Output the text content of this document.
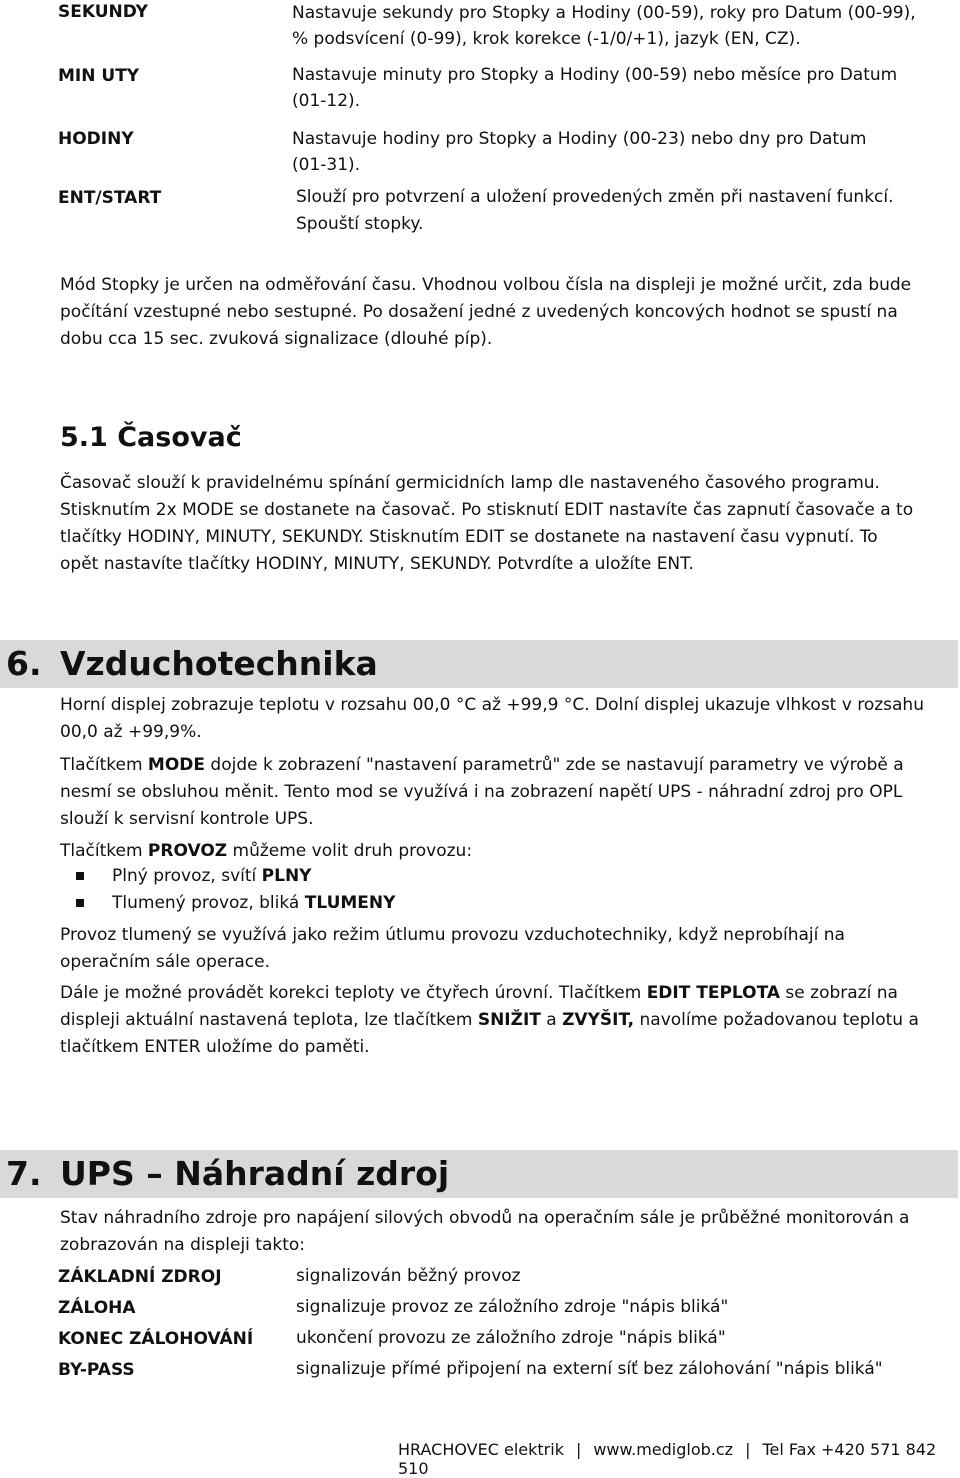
SEKUNDY	Nastavuje sekundy pro Stopky a Hodiny (00-59), roky pro Datum (00-99),
% podsvícení (0-99), krok korekce (-1/0/+1), jazyk (EN, CZ).
MIN UTY	Nastavuje minuty pro Stopky a Hodiny (00-59) nebo měsíce pro Datum
(01-12).
HODINY	Nastavuje hodiny pro Stopky a Hodiny (00-23) nebo dny pro Datum
(01-31).
ENT/START	Slouží pro potvrzení a uložení provedených změn při nastavení funkcí.
Spouští stopky.
Mód Stopky je určen na odměřování času. Vhodnou volbou čísla na displeji je možné určit, zda bude
počítání vzestupné nebo sestupné. Po dosažení jedné z uvedených koncových hodnot se spustí na
dobu cca 15 sec. zvuková signalizace (dlouhé píp).
5.1 Časovač
Časovač slouží k pravidelnému spínání germicidních lamp dle nastaveného časového programu.
Stisknutím 2x MODE se dostanete na časovač. Po stisknutí EDIT nastavíte čas zapnutí časovače a to
tlačítky HODINY, MINUTY, SEKUNDY. Stisknutím EDIT se dostanete na nastavení času vypnutí. To
opět nastavíte tlačítky HODINY, MINUTY, SEKUNDY. Potvrdíte a uložíte ENT.
6. Vzduchotechnika
Horní displej zobrazuje teplotu v rozsahu 00,0 °C až +99,9 °C. Dolní displej ukazuje vlhkost v rozsahu
00,0 až +99,9%.
Tlačítkem MODE dojde k zobrazení "nastavení parametrů" zde se nastavují parametry ve výrobě a
nesmí se obsluhou měnit. Tento mod se využívá i na zobrazení napětí UPS - náhradní zdroj pro OPL
slouží k servisní kontrole UPS.
Tlačítkem PROVOZ můžeme volit druh provozu:
Plný provoz, svítí PLNY
Tlumený provoz, bliká TLUMENY
Provoz tlumený se využívá jako režim útlumu provozu vzduchotechniky, když neprobíhají na
operačním sále operace.
Dále je možné provádět korekci teploty ve čtyřech úrovní. Tlačítkem EDIT TEPLOTA se zobrazí na
displeji aktuální nastavená teplota, lze tlačítkem SNIŽIT a ZVYŠIT, navolíme požadovanou teplotu a
tlačítkem ENTER uložíme do paměti.
7. UPS – Náhradní zdroj
Stav náhradního zdroje pro napájení silových obvodů na operačním sále je průběžné monitorován a
zobrazován na displeji takto:
ZÁKLADNÍ ZDROJ	signalizován běžný provoz
ZÁLOHA	signalizuje provoz ze záložního zdroje "nápis bliká"
KONEC ZÁLOHOVÁNÍ	ukončení provozu ze záložního zdroje "nápis bliká"
BY-PASS	signalizuje přímé připojení na externí síť bez zálohování "nápis bliká"
HRACHOVEC elektrik | www.mediglob.cz | Tel Fax +420 571 842 510
